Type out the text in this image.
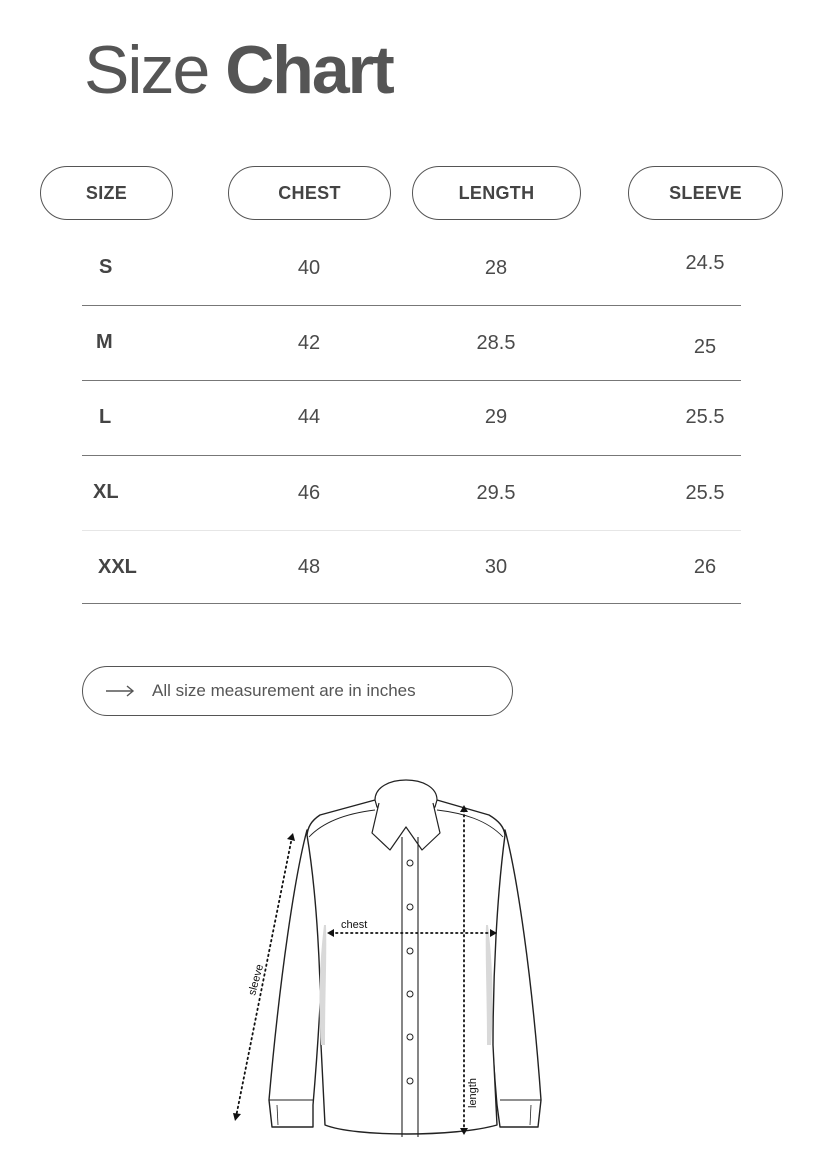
Size Chart
SIZE	CHEST	LENGTH	SLEEVE
S	40	28	24.5
M	42	28.5	25
L	44	29	25.5
XL	46	29.5	25.5
XXL	48	30	26
All size measurement are in inches
chest
length
sleeve
